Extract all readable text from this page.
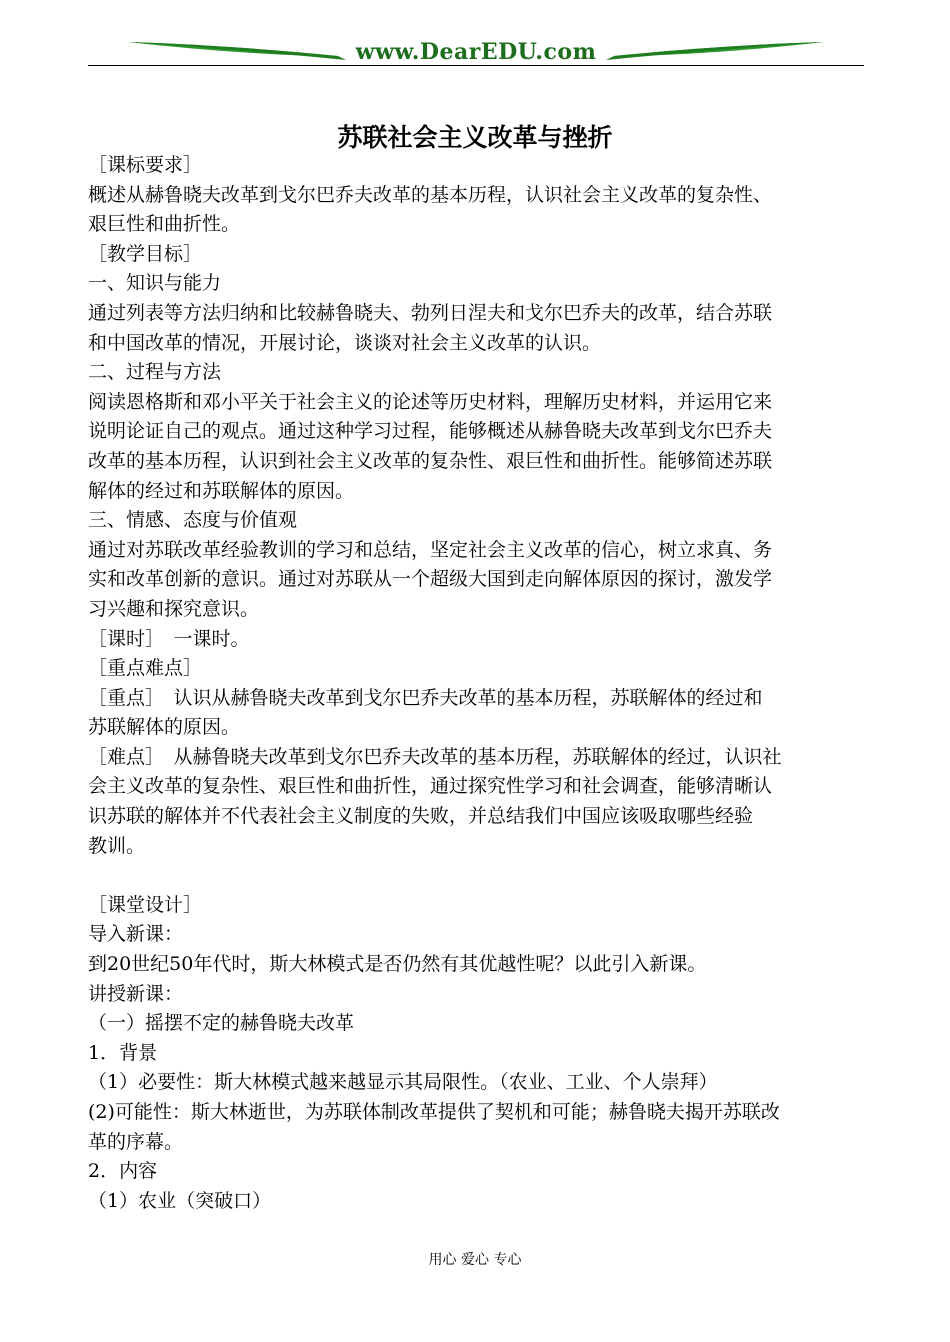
www.DearEDU.com
苏联社会主义改革与挫折
［课标要求］
概述从赫鲁晓夫改革到戈尔巴乔夫改革的基本历程，认识社会主义改革的复杂性、
艰巨性和曲折性。
［教学目标］
一、知识与能力
通过列表等方法归纳和比较赫鲁晓夫、勃列日涅夫和戈尔巴乔夫的改革，结合苏联
和中国改革的情况，开展讨论，谈谈对社会主义改革的认识。
二、过程与方法
阅读恩格斯和邓小平关于社会主义的论述等历史材料，理解历史材料，并运用它来
说明论证自己的观点。通过这种学习过程，能够概述从赫鲁晓夫改革到戈尔巴乔夫
改革的基本历程，认识到社会主义改革的复杂性、艰巨性和曲折性。能够简述苏联
解体的经过和苏联解体的原因。
三、情感、态度与价值观
通过对苏联改革经验教训的学习和总结，坚定社会主义改革的信心，树立求真、务
实和改革创新的意识。通过对苏联从一个超级大国到走向解体原因的探讨，激发学
习兴趣和探究意识。
［课时］　一课时。
［重点难点］
［重点］　认识从赫鲁晓夫改革到戈尔巴乔夫改革的基本历程，苏联解体的经过和
苏联解体的原因。
［难点］　从赫鲁晓夫改革到戈尔巴乔夫改革的基本历程，苏联解体的经过，认识社
会主义改革的复杂性、艰巨性和曲折性，通过探究性学习和社会调查，能够清晰认
识苏联的解体并不代表社会主义制度的失败，并总结我们中国应该吸取哪些经验
教训。
［课堂设计］
导入新课：
到20世纪50年代时，斯大林模式是否仍然有其优越性呢？以此引入新课。
讲授新课：
（一）摇摆不定的赫鲁晓夫改革
1．背景
（1）必要性：斯大林模式越来越显示其局限性。（农业、工业、个人崇拜）
(2)可能性：斯大林逝世，为苏联体制改革提供了契机和可能；赫鲁晓夫揭开苏联改
革的序幕。
2．内容
（1）农业（突破口）
用心 爱心 专心
